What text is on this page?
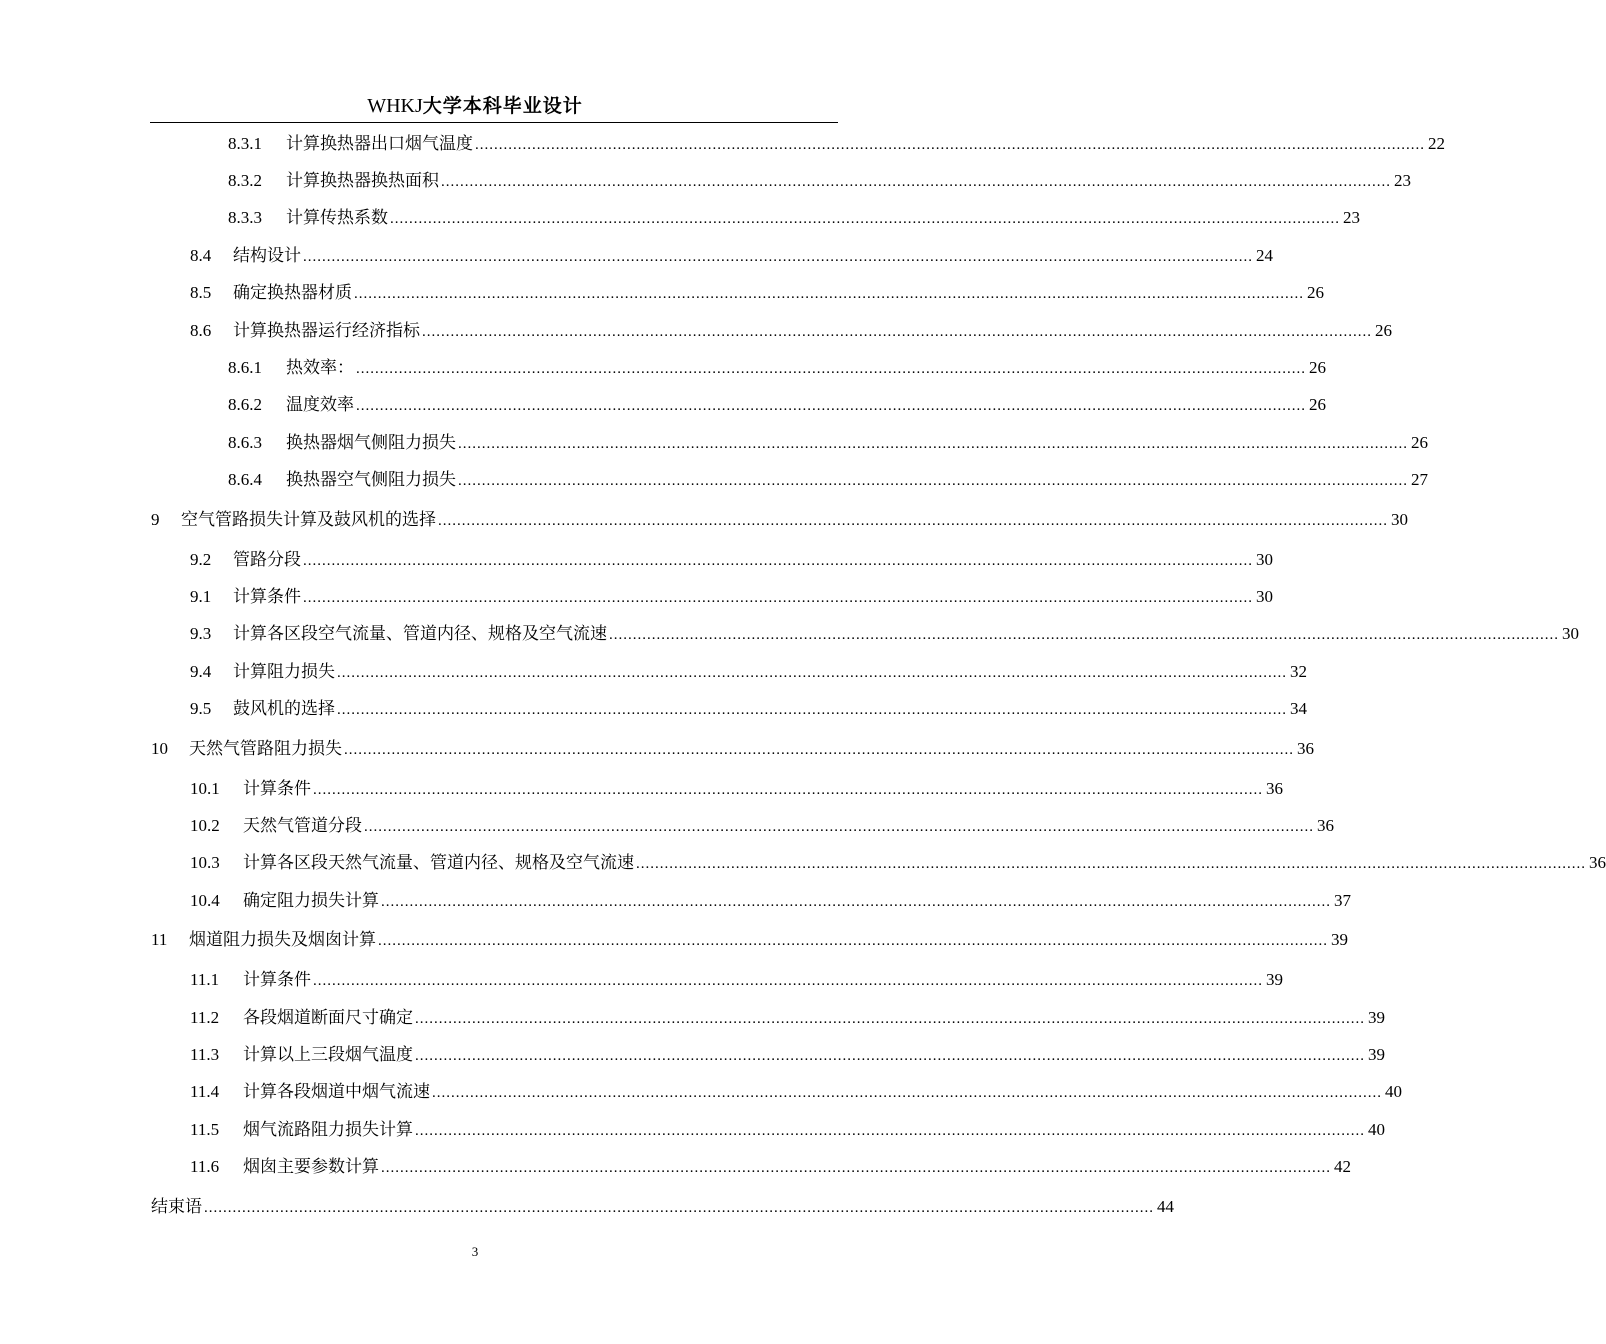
WHKJ大学本科毕业设计
8.3.1	计算换热器出口烟气温度 ........................................................................................................................................................................................................ 22
8.3.2	计算换热器换热面积 ........................................................................................................................................................................................................ 23
8.3.3	计算传热系数 ........................................................................................................................................................................................................ 23
8.4	结构设计 ........................................................................................................................................................................................................ 24
8.5	确定换热器材质 ........................................................................................................................................................................................................ 26
8.6	计算换热器运行经济指标 ........................................................................................................................................................................................................ 26
8.6.1	热效率： ........................................................................................................................................................................................................ 26
8.6.2	温度效率 ........................................................................................................................................................................................................ 26
8.6.3	换热器烟气侧阻力损失 ........................................................................................................................................................................................................ 26
8.6.4	换热器空气侧阻力损失 ........................................................................................................................................................................................................ 27
9	空气管路损失计算及鼓风机的选择 ........................................................................................................................................................................................................ 30
9.2	管路分段 ........................................................................................................................................................................................................ 30
9.1	计算条件 ........................................................................................................................................................................................................ 30
9.3	计算各区段空气流量、管道内径、规格及空气流速 ........................................................................................................................................................................................................ 30
9.4	计算阻力损失 ........................................................................................................................................................................................................ 32
9.5	鼓风机的选择 ........................................................................................................................................................................................................ 34
10	天然气管路阻力损失 ........................................................................................................................................................................................................ 36
10.1	计算条件 ........................................................................................................................................................................................................ 36
10.2	天然气管道分段 ........................................................................................................................................................................................................ 36
10.3	计算各区段天然气流量、管道内径、规格及空气流速 ........................................................................................................................................................................................................ 36
10.4	确定阻力损失计算 ........................................................................................................................................................................................................ 37
11	烟道阻力损失及烟囱计算 ........................................................................................................................................................................................................ 39
11.1	计算条件 ........................................................................................................................................................................................................ 39
11.2	各段烟道断面尺寸确定 ........................................................................................................................................................................................................ 39
11.3	计算以上三段烟气温度 ........................................................................................................................................................................................................ 39
11.4	计算各段烟道中烟气流速 ........................................................................................................................................................................................................ 40
11.5	烟气流路阻力损失计算 ........................................................................................................................................................................................................ 40
11.6	烟囱主要参数计算 ........................................................................................................................................................................................................ 42
结束语 ........................................................................................................................................................................................................ 44
3
